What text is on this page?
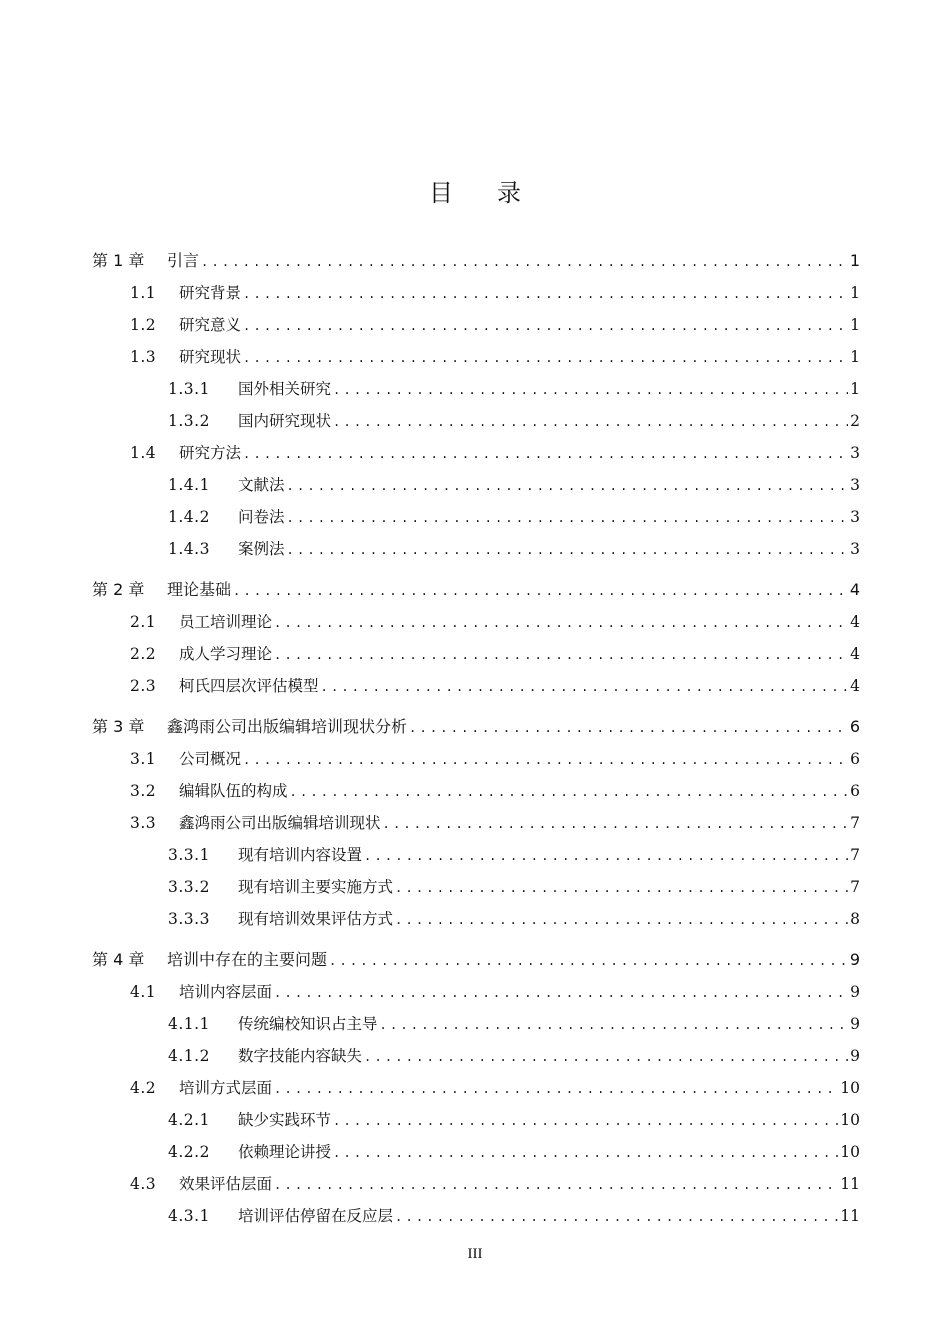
目 录
第 1 章	引言 .....	1
1.1	研究背景 .....	1
1.2	研究意义 .....	1
1.3	研究现状 .....	1
1.3.1	国外相关研究 .....	1
1.3.2	国内研究现状 .....	2
1.4	研究方法 .....	3
1.4.1	文献法 .....	3
1.4.2	问卷法 .....	3
1.4.3	案例法 .....	3
第 2 章	理论基础 .....	4
2.1	员工培训理论 .....	4
2.2	成人学习理论 .....	4
2.3	柯氏四层次评估模型 .....	4
第 3 章	鑫鸿雨公司出版编辑培训现状分析 .....	6
3.1	公司概况 .....	6
3.2	编辑队伍的构成 .....	6
3.3	鑫鸿雨公司出版编辑培训现状 .....	7
3.3.1	现有培训内容设置 .....	7
3.3.2	现有培训主要实施方式 .....	7
3.3.3	现有培训效果评估方式 .....	8
第 4 章	培训中存在的主要问题 .....	9
4.1	培训内容层面 .....	9
4.1.1	传统编校知识占主导 .....	9
4.1.2	数字技能内容缺失 .....	9
4.2	培训方式层面 .....	10
4.2.1	缺少实践环节 .....	10
4.2.2	依赖理论讲授 .....	10
4.3	效果评估层面 .....	11
4.3.1	培训评估停留在反应层 .....	11
III
